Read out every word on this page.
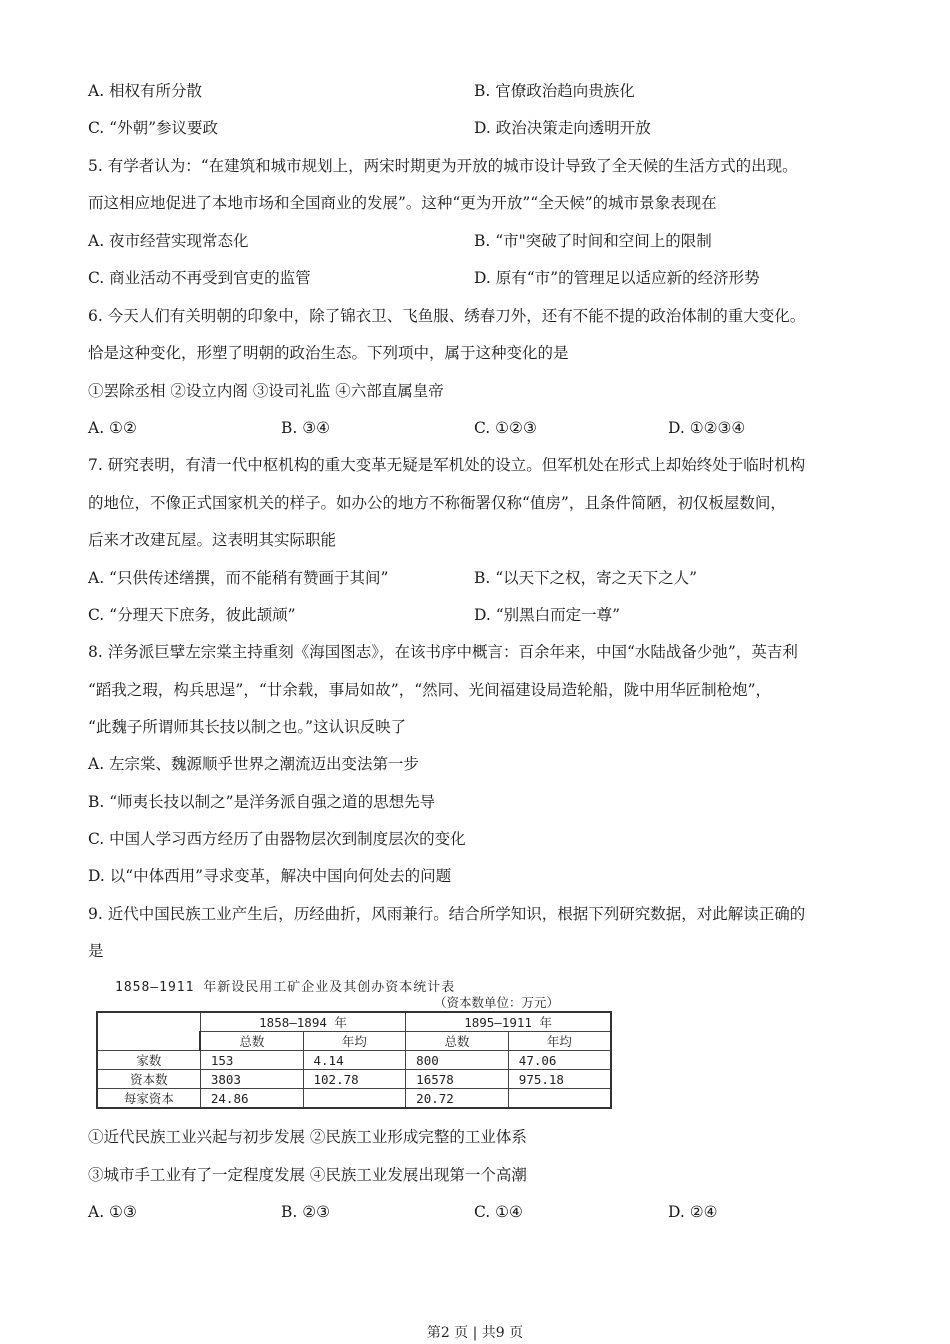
A. 相权有所分散	B. 官僚政治趋向贵族化
C. “外朝”参议要政	D. 政治决策走向透明开放
5. 有学者认为：“在建筑和城市规划上，两宋时期更为开放的城市设计导致了全天候的生活方式的出现。
而这相应地促进了本地市场和全国商业的发展”。这种“更为开放”“全天候”的城市景象表现在
A. 夜市经营实现常态化	B. “市"突破了时间和空间上的限制
C. 商业活动不再受到官吏的监管	D. 原有“市”的管理足以适应新的经济形势
6. 今天人们有关明朝的印象中，除了锦衣卫、飞鱼服、绣春刀外，还有不能不提的政治体制的重大变化。
恰是这种变化，形塑了明朝的政治生态。下列项中，属于这种变化的是
①罢除丞相 ②设立内阁 ③设司礼监 ④六部直属皇帝
A. ①②	B. ③④	C. ①②③	D. ①②③④
7. 研究表明，有清一代中枢机构的重大变革无疑是军机处的设立。但军机处在形式上却始终处于临时机构
的地位，不像正式国家机关的样子。如办公的地方不称衙署仅称“值房”，且条件简陋，初仅板屋数间，
后来才改建瓦屋。这表明其实际职能
A. “只供传述缮撰，而不能稍有赞画于其间”	B. “以天下之权，寄之天下之人”
C. “分理天下庶务，彼此颉颃”	D. “别黑白而定一尊”
8. 洋务派巨擘左宗棠主持重刻《海国图志》，在该书序中概言：百余年来，中国“水陆战备少弛”，英吉利
“蹈我之瑕，构兵思逞”，“廿余载，事局如故”，“然同、光间福建设局造轮船，陇中用华匠制枪炮”，
“此魏子所谓师其长技以制之也。”这认识反映了
A. 左宗棠、魏源顺乎世界之潮流迈出变法第一步
B. “师夷长技以制之”是洋务派自强之道的思想先导
C. 中国人学习西方经历了由器物层次到制度层次的变化
D. 以“中体西用”寻求变革，解决中国向何处去的问题
9. 近代中国民族工业产生后，历经曲折，风雨兼行。结合所学知识，根据下列研究数据，对此解读正确的
是
1858—1911 年新设民用工矿企业及其创办资本统计表
（资本数单位：万元）
	1858—1894 年		1895—1911 年	
	总数	年均	总数	年均
家数	153	4.14	800	47.06
资本数	3803	102.78	16578	975.18
每家资本	24.86		20.72	
①近代民族工业兴起与初步发展 ②民族工业形成完整的工业体系
③城市手工业有了一定程度发展 ④民族工业发展出现第一个高潮
A. ①③	B. ②③	C. ①④	D. ②④
第2 页 | 共9 页
